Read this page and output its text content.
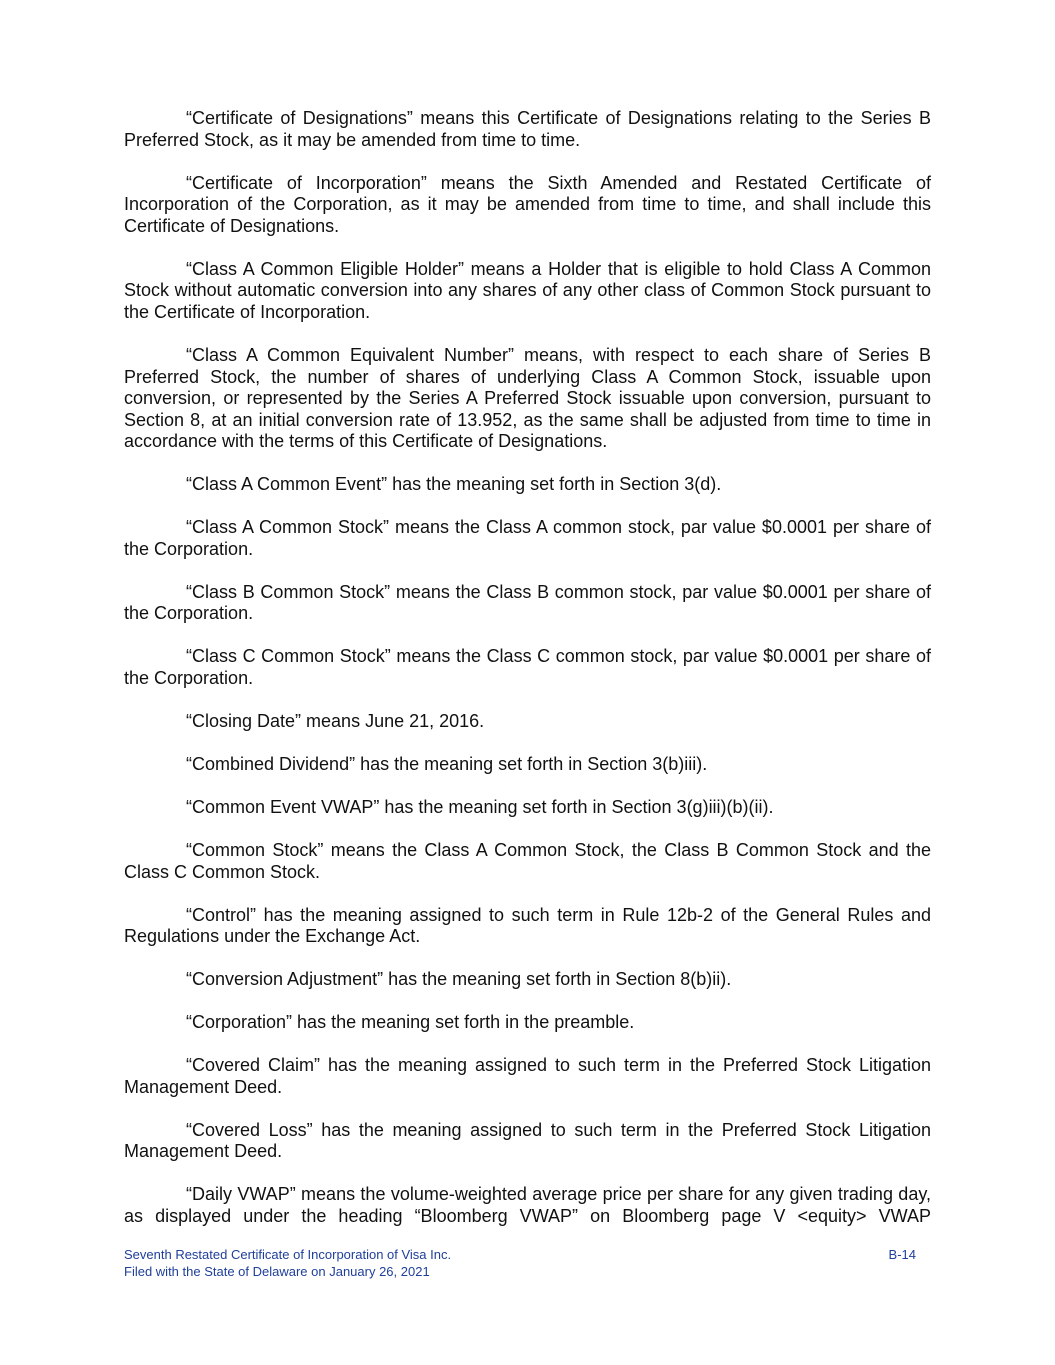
“Certificate of Designations” means this Certificate of Designations relating to the Series B Preferred Stock, as it may be amended from time to time.

“Certificate of Incorporation” means the Sixth Amended and Restated Certificate of Incorporation of the Corporation, as it may be amended from time to time, and shall include this Certificate of Designations.

“Class A Common Eligible Holder” means a Holder that is eligible to hold Class A Common Stock without automatic conversion into any shares of any other class of Common Stock pursuant to the Certificate of Incorporation.

“Class A Common Equivalent Number” means, with respect to each share of Series B Preferred Stock, the number of shares of underlying Class A Common Stock, issuable upon conversion, or represented by the Series A Preferred Stock issuable upon conversion, pursuant to Section 8, at an initial conversion rate of 13.952, as the same shall be adjusted from time to time in accordance with the terms of this Certificate of Designations.

“Class A Common Event” has the meaning set forth in Section 3(d).

“Class A Common Stock” means the Class A common stock, par value $0.0001 per share of the Corporation.

“Class B Common Stock” means the Class B common stock, par value $0.0001 per share of the Corporation.

“Class C Common Stock” means the Class C common stock, par value $0.0001 per share of the Corporation.

“Closing Date” means June 21, 2016.

“Combined Dividend” has the meaning set forth in Section 3(b)iii).

“Common Event VWAP” has the meaning set forth in Section 3(g)iii)(b)(ii).

“Common Stock” means the Class A Common Stock, the Class B Common Stock and the Class C Common Stock.

“Control” has the meaning assigned to such term in Rule 12b-2 of the General Rules and Regulations under the Exchange Act.

“Conversion Adjustment” has the meaning set forth in Section 8(b)ii).

“Corporation” has the meaning set forth in the preamble.

“Covered Claim” has the meaning assigned to such term in the Preferred Stock Litigation Management Deed.

“Covered Loss” has the meaning assigned to such term in the Preferred Stock Litigation Management Deed.

“Daily VWAP” means the volume-weighted average price per share for any given trading day, as displayed under the heading “Bloomberg VWAP” on Bloomberg page V <equity> VWAP

Seventh Restated Certificate of Incorporation of Visa Inc.
Filed with the State of Delaware on January 26, 2021
B-14
